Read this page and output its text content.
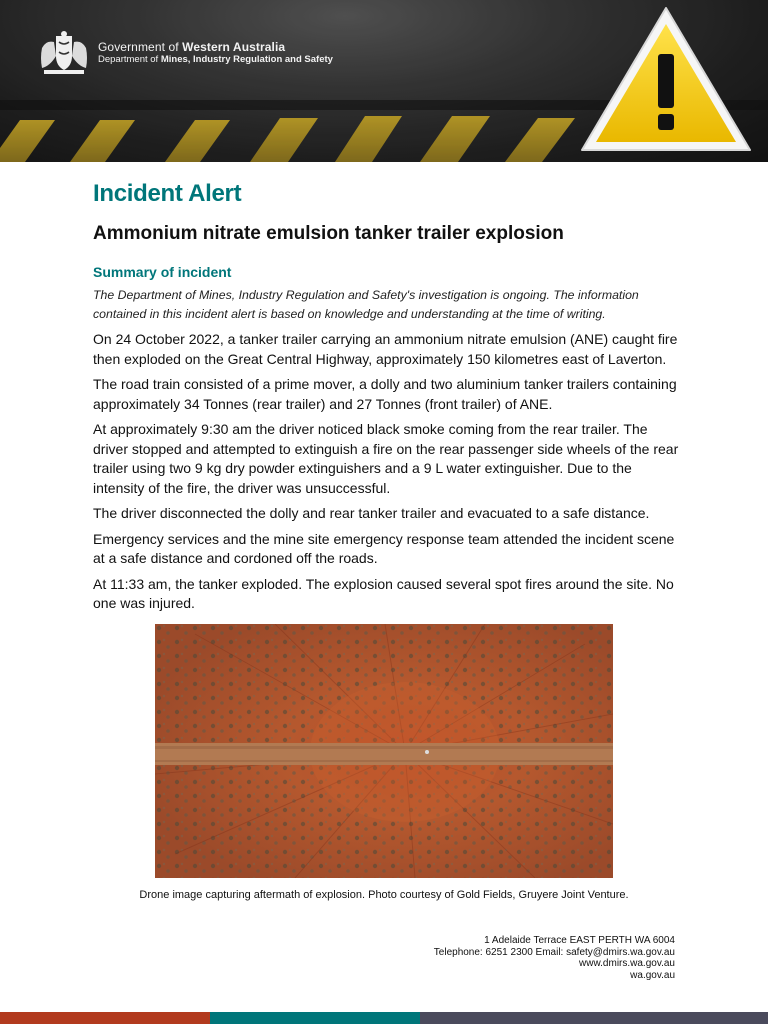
Government of Western Australia
Department of Mines, Industry Regulation and Safety
Incident Alert
Ammonium nitrate emulsion tanker trailer explosion
Summary of incident

The Department of Mines, Industry Regulation and Safety's investigation is ongoing. The information contained in this incident alert is based on knowledge and understanding at the time of writing.

On 24 October 2022, a tanker trailer carrying an ammonium nitrate emulsion (ANE) caught fire then exploded on the Great Central Highway, approximately 150 kilometres east of Laverton.

The road train consisted of a prime mover, a dolly and two aluminium tanker trailers containing approximately 34 Tonnes (rear trailer) and 27 Tonnes (front trailer) of ANE.

At approximately 9:30 am the driver noticed black smoke coming from the rear trailer. The driver stopped and attempted to extinguish a fire on the rear passenger side wheels of the rear trailer using two 9 kg dry powder extinguishers and a 9 L water extinguisher. Due to the intensity of the fire, the driver was unsuccessful.

The driver disconnected the dolly and rear tanker trailer and evacuated to a safe distance.

Emergency services and the mine site emergency response team attended the incident scene at a safe distance and cordoned off the roads.

At 11:33 am, the tanker exploded. The explosion caused several spot fires around the site. No one was injured.

Drone image capturing aftermath of explosion. Photo courtesy of Gold Fields, Gruyere Joint Venture.
1 Adelaide Terrace EAST PERTH WA 6004
Telephone: 6251 2300 Email: safety@dmirs.wa.gov.au
www.dmirs.wa.gov.au
wa.gov.au
